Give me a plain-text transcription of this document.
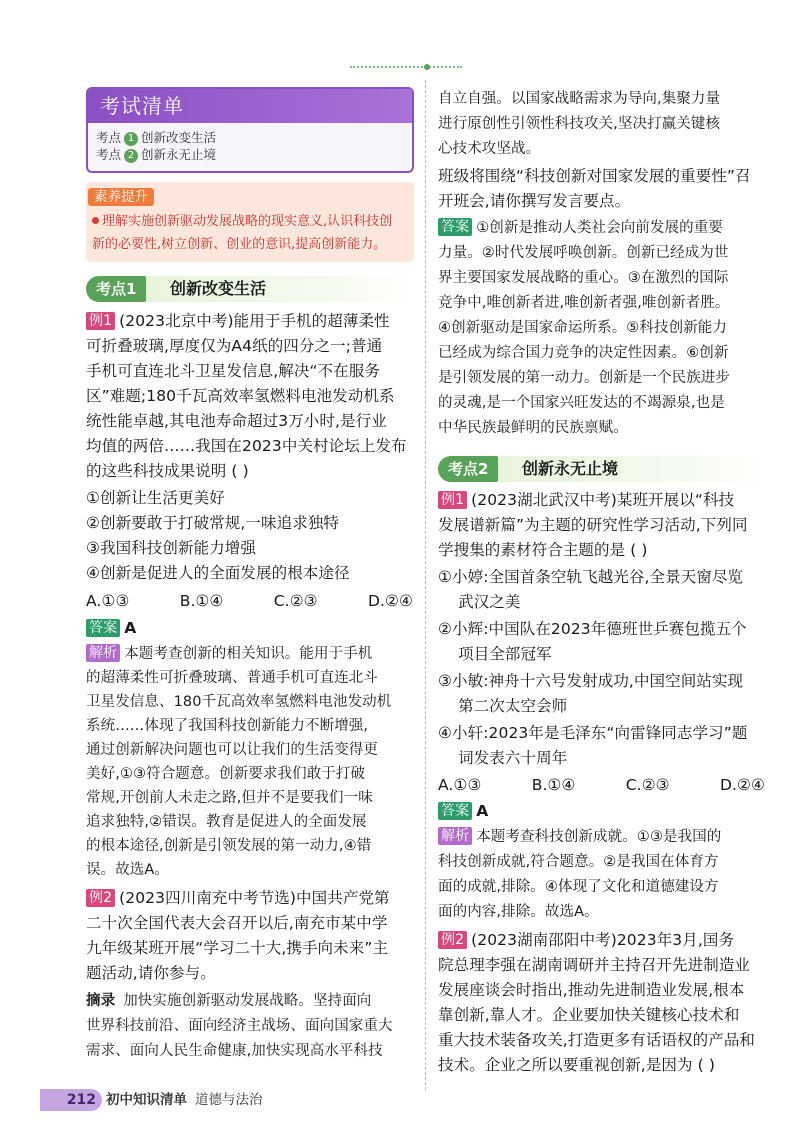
考试清单
考点 1 创新改变生活
考点 2 创新永无止境
素养提升
理解实施创新驱动发展战略的现实意义,认识科技创
新的必要性,树立创新、创业的意识,提高创新能力。
考点1	创新改变生活
例1 (2023北京中考)能用于手机的超薄柔性
可折叠玻璃,厚度仅为A4纸的四分之一;普通
手机可直连北斗卫星发信息,解决“不在服务
区”难题;180千瓦高效率氢燃料电池发动机系
统性能卓越,其电池寿命超过3万小时,是行业
均值的两倍……我国在2023中关村论坛上发布
的这些科技成果说明 ( )
①创新让生活更美好
②创新要敢于打破常规,一味追求独特
③我国科技创新能力增强
④创新是促进人的全面发展的根本途径
A.①③          B.①④          C.②③          D.②④
答案 A
解析 本题考查创新的相关知识。能用于手机
的超薄柔性可折叠玻璃、普通手机可直连北斗
卫星发信息、180千瓦高效率氢燃料电池发动机
系统……体现了我国科技创新能力不断增强,
通过创新解决问题也可以让我们的生活变得更
美好,①③符合题意。创新要求我们敢于打破
常规,开创前人未走之路,但并不是要我们一味
追求独特,②错误。教育是促进人的全面发展
的根本途径,创新是引领发展的第一动力,④错
误。故选A。
例2 (2023四川南充中考节选)中国共产党第
二十次全国代表大会召开以后,南充市某中学
九年级某班开展“学习二十大,携手向未来”主
题活动,请你参与。
摘录 加快实施创新驱动发展战略。坚持面向
世界科技前沿、面向经济主战场、面向国家重大
需求、面向人民生命健康,加快实现高水平科技
自立自强。以国家战略需求为导向,集聚力量
进行原创性引领性科技攻关,坚决打赢关键核
心技术攻坚战。
班级将围绕“科技创新对国家发展的重要性”召
开班会,请你撰写发言要点。
答案 ①创新是推动人类社会向前发展的重要
力量。②时代发展呼唤创新。创新已经成为世
界主要国家发展战略的重心。③在激烈的国际
竞争中,唯创新者进,唯创新者强,唯创新者胜。
④创新驱动是国家命运所系。⑤科技创新能力
已经成为综合国力竞争的决定性因素。⑥创新
是引领发展的第一动力。创新是一个民族进步
的灵魂,是一个国家兴旺发达的不竭源泉,也是
中华民族最鲜明的民族禀赋。
例1 (2023湖北武汉中考)某班开展以“科技
发展谱新篇”为主题的研究性学习活动,下列同
学搜集的素材符合主题的是 ( )
①小婷:全国首条空轨飞越光谷,全景天窗尽览
武汉之美
②小辉:中国队在2023年德班世乒赛包揽五个
项目全部冠军
③小敏:神舟十六号发射成功,中国空间站实现
第二次太空会师
④小轩:2023年是毛泽东“向雷锋同志学习”题
词发表六十周年
A.①③          B.①④          C.②③          D.②④
答案 A
解析 本题考查科技创新成就。①③是我国的
科技创新成就,符合题意。②是我国在体育方
面的成就,排除。④体现了文化和道德建设方
面的内容,排除。故选A。
例2 (2023湖南邵阳中考)2023年3月,国务
院总理李强在湖南调研并主持召开先进制造业
发展座谈会时指出,推动先进制造业发展,根本
靠创新,靠人才。企业要加快关键核心技术和
重大技术装备攻关,打造更多有话语权的产品和
技术。企业之所以要重视创新,是因为 ( )
考点2	创新永无止境
212 初中知识清单 道德与法治
